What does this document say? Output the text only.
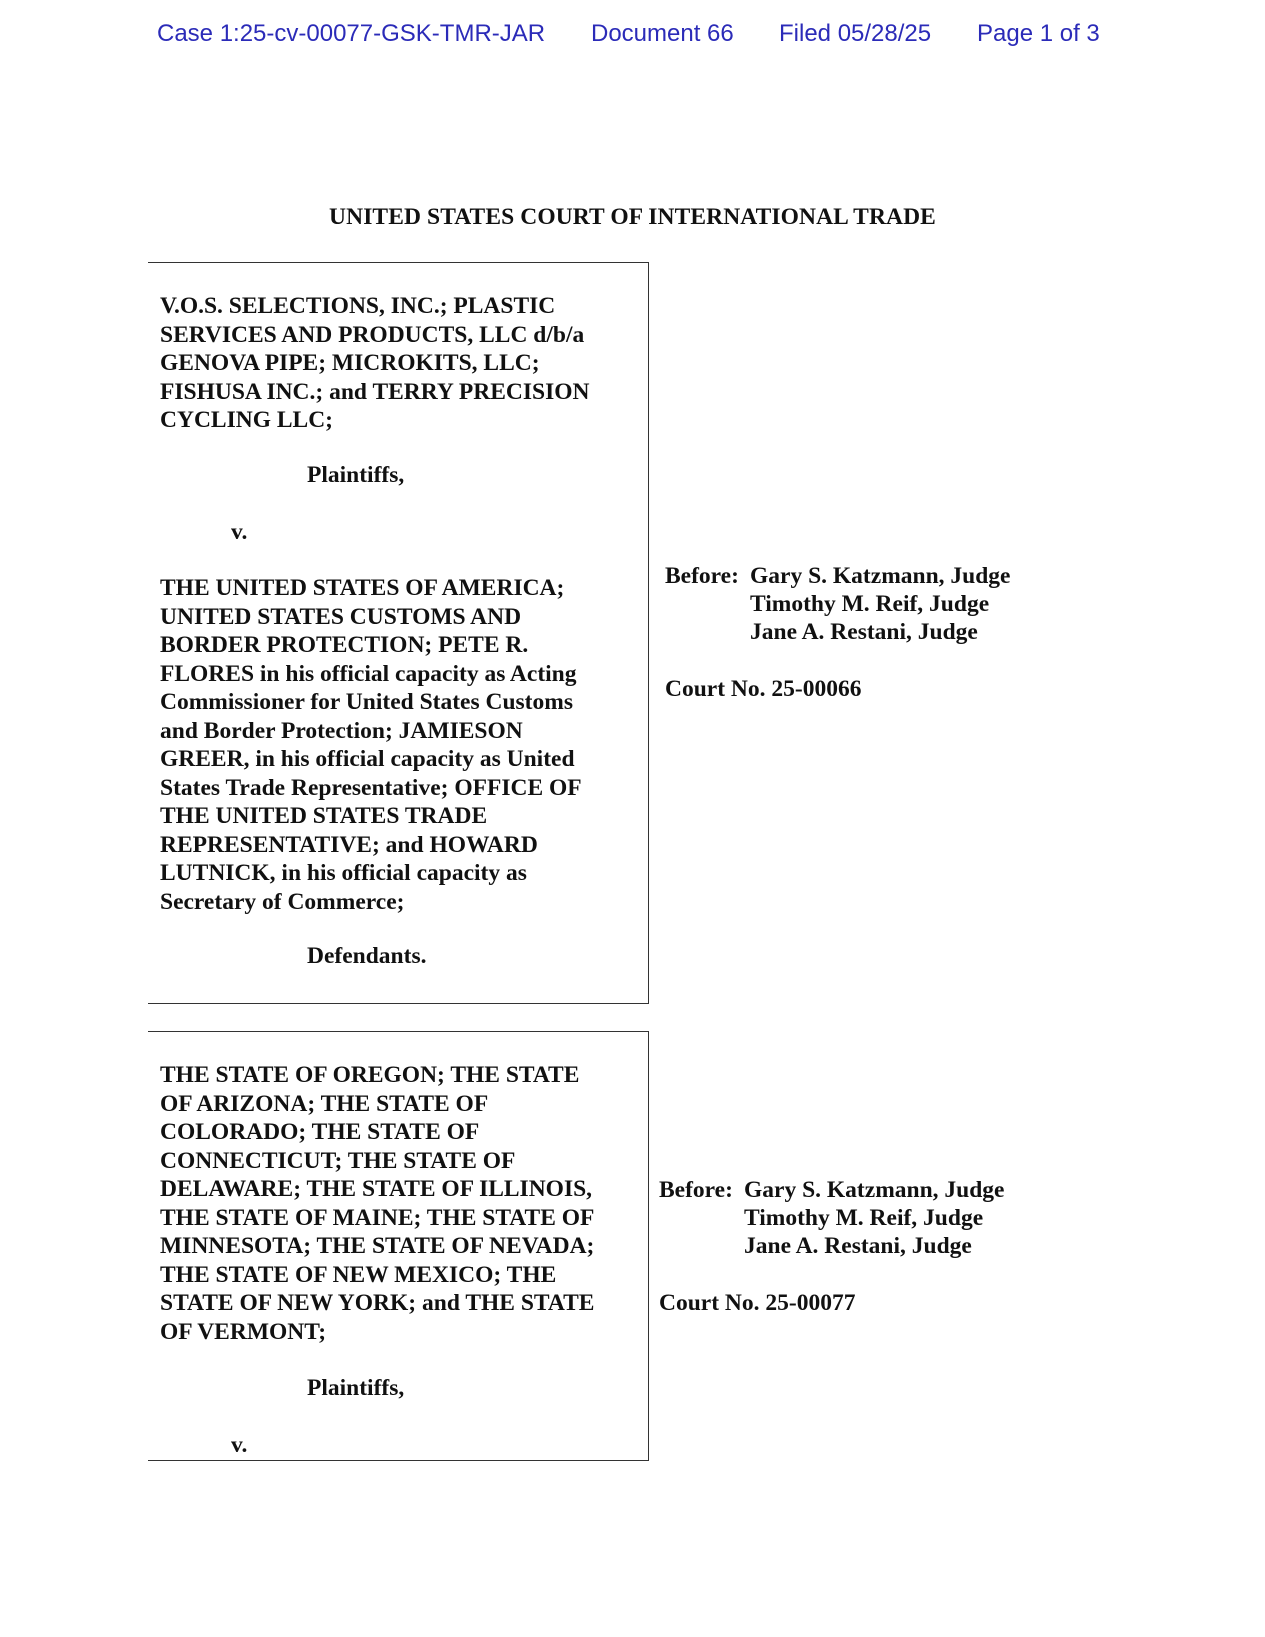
Case 1:25-cv-00077-GSK-TMR-JAR Document 66 Filed 05/28/25 Page 1 of 3
UNITED STATES COURT OF INTERNATIONAL TRADE
V.O.S. SELECTIONS, INC.; PLASTIC
SERVICES AND PRODUCTS, LLC d/b/a
GENOVA PIPE; MICROKITS, LLC;
FISHUSA INC.; and TERRY PRECISION
CYCLING LLC;
Plaintiffs,
v.
THE UNITED STATES OF AMERICA;
UNITED STATES CUSTOMS AND
BORDER PROTECTION; PETE R.
FLORES in his official capacity as Acting
Commissioner for United States Customs
and Border Protection; JAMIESON
GREER, in his official capacity as United
States Trade Representative; OFFICE OF
THE UNITED STATES TRADE
REPRESENTATIVE; and HOWARD
LUTNICK, in his official capacity as
Secretary of Commerce;
Defendants.
Before: Gary S. Katzmann, Judge
Timothy M. Reif, Judge
Jane A. Restani, Judge
Court No. 25-00066
THE STATE OF OREGON; THE STATE
OF ARIZONA; THE STATE OF
COLORADO; THE STATE OF
CONNECTICUT; THE STATE OF
DELAWARE; THE STATE OF ILLINOIS,
THE STATE OF MAINE; THE STATE OF
MINNESOTA; THE STATE OF NEVADA;
THE STATE OF NEW MEXICO; THE
STATE OF NEW YORK; and THE STATE
OF VERMONT;
Plaintiffs,
v.
Before: Gary S. Katzmann, Judge
Timothy M. Reif, Judge
Jane A. Restani, Judge
Court No. 25-00077
